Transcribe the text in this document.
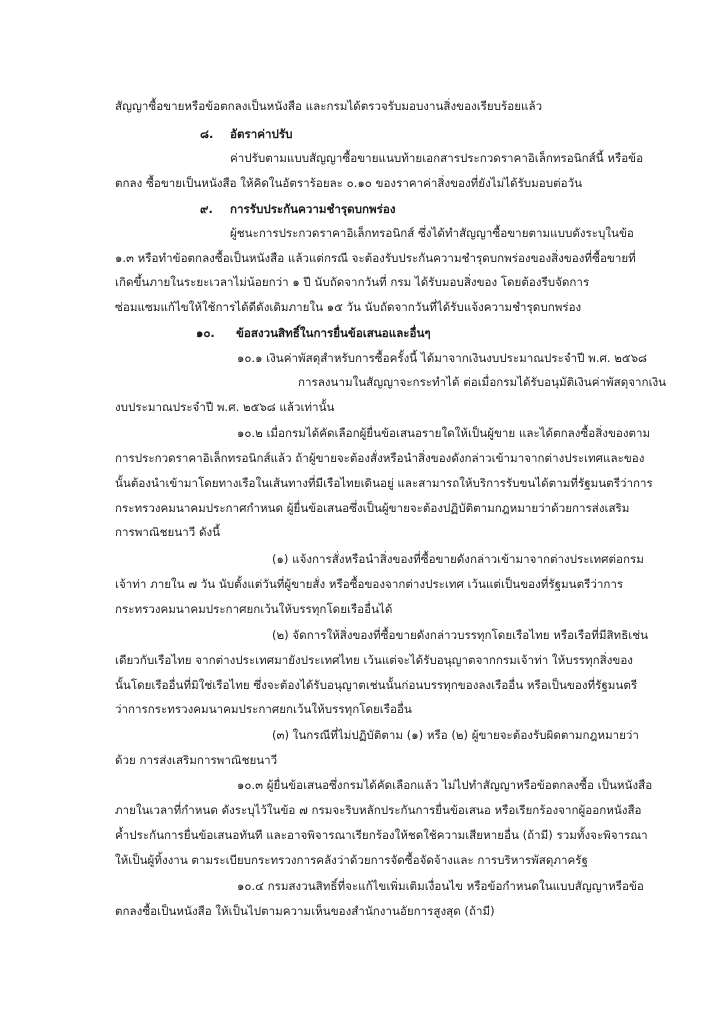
สัญญาซื้อขายหรือข้อตกลงเป็นหนังสือ และกรมได้ตรวจรับมอบงานสิ่งของเรียบร้อยแล้ว
๘. อัตราค่าปรับ
ค่าปรับตามแบบสัญญาซื้อขายแนบท้ายเอกสารประกวดราคาอิเล็กทรอนิกส์นี้ หรือข้อ
ตกลง ซื้อขายเป็นหนังสือ ให้คิดในอัตราร้อยละ ๐.๑๐ ของราคาค่าสิ่งของที่ยังไม่ได้รับมอบต่อวัน
๙. การรับประกันความชำรุดบกพร่อง
ผู้ชนะการประกวดราคาอิเล็กทรอนิกส์ ซึ่งได้ทำสัญญาซื้อขายตามแบบดังระบุในข้อ
๑.๓ หรือทำข้อตกลงซื้อเป็นหนังสือ แล้วแต่กรณี จะต้องรับประกันความชำรุดบกพร่องของสิ่งของที่ซื้อขายที่
เกิดขึ้นภายในระยะเวลาไม่น้อยกว่า ๑ ปี นับถัดจากวันที่ กรม ได้รับมอบสิ่งของ โดยต้องรีบจัดการ
ซ่อมแซมแก้ไขให้ใช้การได้ดีดังเดิมภายใน ๑๕ วัน นับถัดจากวันที่ได้รับแจ้งความชำรุดบกพร่อง
๑๐. ข้อสงวนสิทธิ์ในการยื่นข้อเสนอและอื่นๆ
๑๐.๑ เงินค่าพัสดุสำหรับการซื้อครั้งนี้ ได้มาจากเงินงบประมาณประจำปี พ.ศ. ๒๕๖๘
การลงนามในสัญญาจะกระทำได้ ต่อเมื่อกรมได้รับอนุมัติเงินค่าพัสดุจากเงิน
งบประมาณประจำปี พ.ศ. ๒๕๖๘ แล้วเท่านั้น
๑๐.๒ เมื่อกรมได้คัดเลือกผู้ยื่นข้อเสนอรายใดให้เป็นผู้ขาย และได้ตกลงซื้อสิ่งของตาม
การประกวดราคาอิเล็กทรอนิกส์แล้ว ถ้าผู้ขายจะต้องสั่งหรือนำสิ่งของดังกล่าวเข้ามาจากต่างประเทศและของ
นั้นต้องนำเข้ามาโดยทางเรือในเส้นทางที่มีเรือไทยเดินอยู่ และสามารถให้บริการรับขนได้ตามที่รัฐมนตรีว่าการ
กระทรวงคมนาคมประกาศกำหนด ผู้ยื่นข้อเสนอซึ่งเป็นผู้ขายจะต้องปฏิบัติตามกฎหมายว่าด้วยการส่งเสริม
การพาณิชยนาวี ดังนี้
(๑) แจ้งการสั่งหรือนำสิ่งของที่ซื้อขายดังกล่าวเข้ามาจากต่างประเทศต่อกรม
เจ้าท่า ภายใน ๗ วัน นับตั้งแต่วันที่ผู้ขายสั่ง หรือซื้อของจากต่างประเทศ เว้นแต่เป็นของที่รัฐมนตรีว่าการ
กระทรวงคมนาคมประกาศยกเว้นให้บรรทุกโดยเรืออื่นได้
(๒) จัดการให้สิ่งของที่ซื้อขายดังกล่าวบรรทุกโดยเรือไทย หรือเรือที่มีสิทธิเช่น
เดียวกับเรือไทย จากต่างประเทศมายังประเทศไทย เว้นแต่จะได้รับอนุญาตจากกรมเจ้าท่า ให้บรรทุกสิ่งของ
นั้นโดยเรืออื่นที่มิใช่เรือไทย ซึ่งจะต้องได้รับอนุญาตเช่นนั้นก่อนบรรทุกของลงเรืออื่น หรือเป็นของที่รัฐมนตรี
ว่าการกระทรวงคมนาคมประกาศยกเว้นให้บรรทุกโดยเรืออื่น
(๓) ในกรณีที่ไม่ปฏิบัติตาม (๑) หรือ (๒) ผู้ขายจะต้องรับผิดตามกฎหมายว่า
ด้วย การส่งเสริมการพาณิชยนาวี
๑๐.๓ ผู้ยื่นข้อเสนอซึ่งกรมได้คัดเลือกแล้ว ไม่ไปทำสัญญาหรือข้อตกลงซื้อ เป็นหนังสือ
ภายในเวลาที่กำหนด ดังระบุไว้ในข้อ ๗ กรมจะริบหลักประกันการยื่นข้อเสนอ หรือเรียกร้องจากผู้ออกหนังสือ
ค้ำประกันการยื่นข้อเสนอทันที และอาจพิจารณาเรียกร้องให้ชดใช้ความเสียหายอื่น (ถ้ามี) รวมทั้งจะพิจารณา
ให้เป็นผู้ทิ้งงาน ตามระเบียบกระทรวงการคลังว่าด้วยการจัดซื้อจัดจ้างและ การบริหารพัสดุภาครัฐ
๑๐.๔ กรมสงวนสิทธิ์ที่จะแก้ไขเพิ่มเติมเงื่อนไข หรือข้อกำหนดในแบบสัญญาหรือข้อ
ตกลงซื้อเป็นหนังสือ ให้เป็นไปตามความเห็นของสำนักงานอัยการสูงสุด (ถ้ามี)
